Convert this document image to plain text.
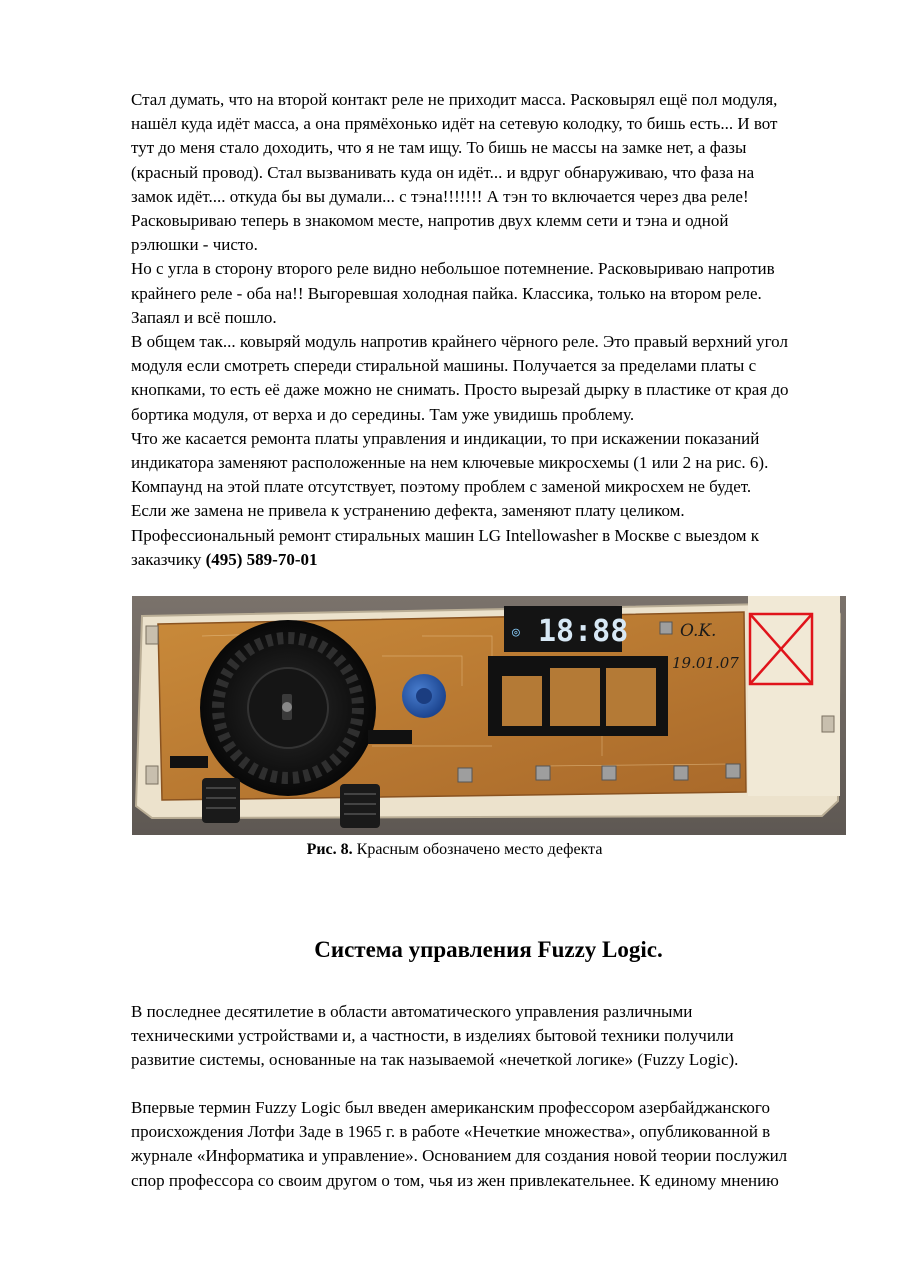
Стал думать, что на второй контакт реле не приходит масса. Расковырял ещё пол модуля,
нашёл куда идёт масса, а она прямёхонько идёт на сетевую колодку, то бишь есть... И вот
тут до меня стало доходить, что я не там ищу. То бишь не массы на замке нет, а фазы
(красный провод). Стал вызванивать куда он идёт... и вдруг обнаруживаю, что фаза на
замок идёт.... откуда бы вы думали... с тэна!!!!!!! А тэн то включается через два реле!
Расковыриваю теперь в знакомом месте, напротив двух клемм сети и тэна и одной
рэлюшки - чисто.
Но с угла в сторону второго реле видно небольшое потемнение. Расковыриваю напротив
крайнего реле - оба на!! Выгоревшая холодная пайка. Классика, только на втором реле.
Запаял и всё пошло.
В общем так... ковыряй модуль напротив крайнего чёрного реле. Это правый верхний угол
модуля если смотреть спереди стиральной машины. Получается за пределами платы с
кнопками, то есть её даже можно не снимать. Просто вырезай дырку в пластике от края до
бортика модуля, от верха и до середины. Там уже увидишь проблему.
Что же касается ремонта платы управления и индикации, то при искажении показаний
индикатора заменяют расположенные на нем ключевые микросхемы (1 или 2 на рис. 6).
Компаунд на этой плате отсутствует, поэтому проблем с заменой микросхем не будет.
Если же замена не привела к устранению дефекта, заменяют плату целиком.
Профессиональный ремонт стиральных машин LG Intellowasher в Москве с выездом к
заказчику (495) 589-70-01
◎ 18:88	O.K.
19.01.07
Рис. 8. Красным обозначено место дефекта
Система управления Fuzzy Logic.
В последнее десятилетие в области автоматического управления различными
техническими устройствами и, а частности, в изделиях бытовой техники получили
развитие системы, основанные на так называемой «нечеткой логике» (Fuzzy Logic).
Впервые термин Fuzzy Logic был введен американским профессором азербайджанского
происхождения Лотфи Заде в 1965 г. в работе «Нечеткие множества», опубликованной в
журнале «Информатика и управление». Основанием для создания новой теории послужил
спор профессора со своим другом о том, чья из жен привлекательнее. К единому мнению
